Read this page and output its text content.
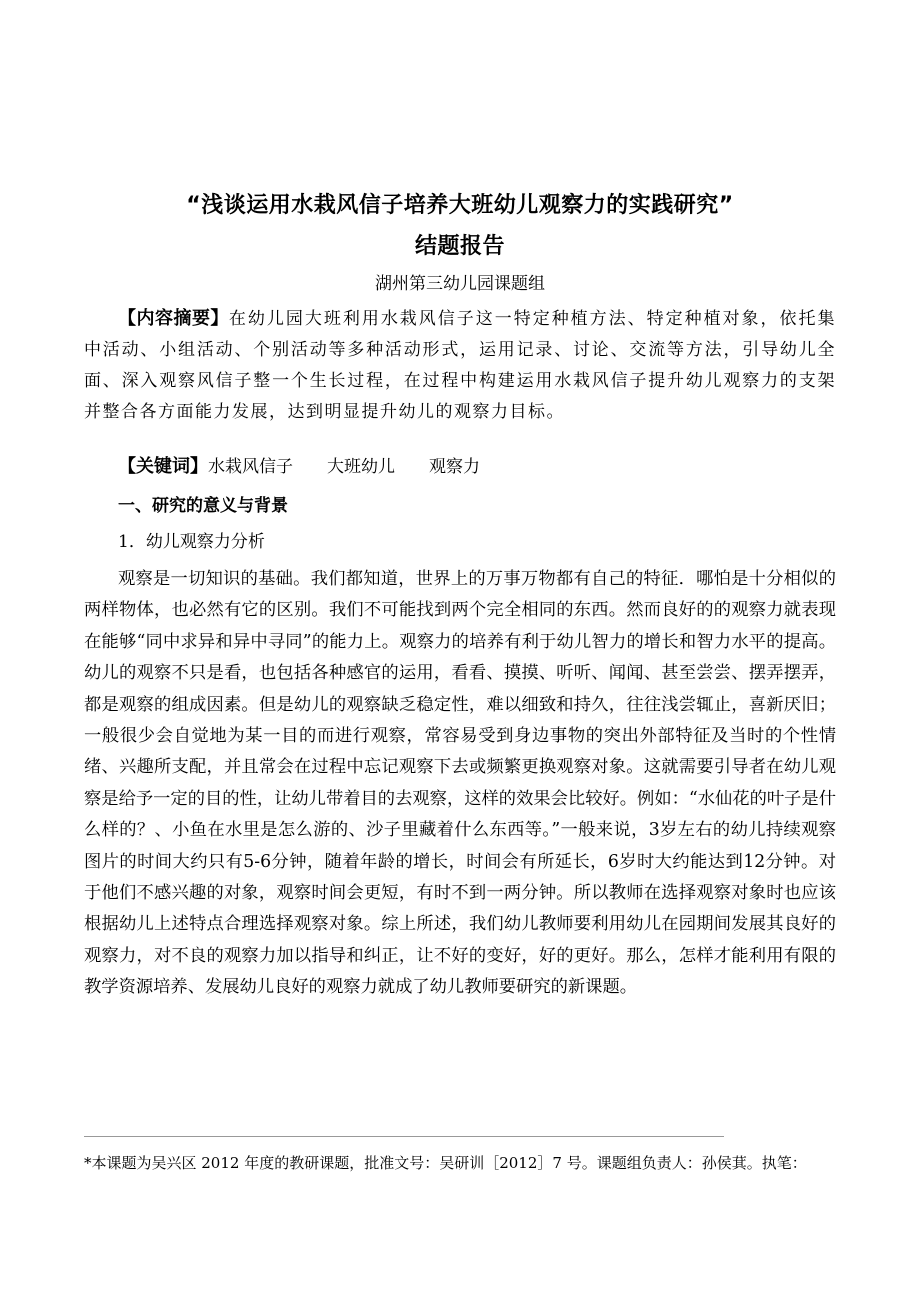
“浅谈运用水栽风信子培养大班幼儿观察力的实践研究”
结题报告
湖州第三幼儿园课题组
【内容摘要】在幼儿园大班利用水栽风信子这一特定种植方法、特定种植对象，依托集中活动、小组活动、个别活动等多种活动形式，运用记录、讨论、交流等方法，引导幼儿全面、深入观察风信子整一个生长过程，在过程中构建运用水栽风信子提升幼儿观察力的支架并整合各方面能力发展，达到明显提升幼儿的观察力目标。
【关键词】水栽风信子 大班幼儿 观察力
一、研究的意义与背景
1．幼儿观察力分析
观察是一切知识的基础。我们都知道，世界上的万事万物都有自己的特征．哪怕是十分相似的两样物体，也必然有它的区别。我们不可能找到两个完全相同的东西。然而良好的的观察力就表现在能够“同中求异和异中寻同”的能力上。观察力的培养有利于幼儿智力的增长和智力水平的提高。幼儿的观察不只是看，也包括各种感官的运用，看看、摸摸、听听、闻闻、甚至尝尝、摆弄摆弄，都是观察的组成因素。但是幼儿的观察缺乏稳定性，难以细致和持久，往往浅尝辄止，喜新厌旧；一般很少会自觉地为某一目的而进行观察，常容易受到身边事物的突出外部特征及当时的个性情绪、兴趣所支配，并且常会在过程中忘记观察下去或频繁更换观察对象。这就需要引导者在幼儿观察是给予一定的目的性，让幼儿带着目的去观察，这样的效果会比较好。例如：“水仙花的叶子是什么样的？、小鱼在水里是怎么游的、沙子里藏着什么东西等。”一般来说，3岁左右的幼儿持续观察图片的时间大约只有5-6分钟，随着年龄的增长，时间会有所延长，6岁时大约能达到12分钟。对于他们不感兴趣的对象，观察时间会更短，有时不到一两分钟。所以教师在选择观察对象时也应该根据幼儿上述特点合理选择观察对象。综上所述，我们幼儿教师要利用幼儿在园期间发展其良好的观察力，对不良的观察力加以指导和纠正，让不好的变好，好的更好。那么，怎样才能利用有限的教学资源培养、发展幼儿良好的观察力就成了幼儿教师要研究的新课题。
*本课题为吴兴区 2012 年度的教研课题，批准文号：吴研训［2012］7 号。课题组负责人：孙侯萁。执笔：
